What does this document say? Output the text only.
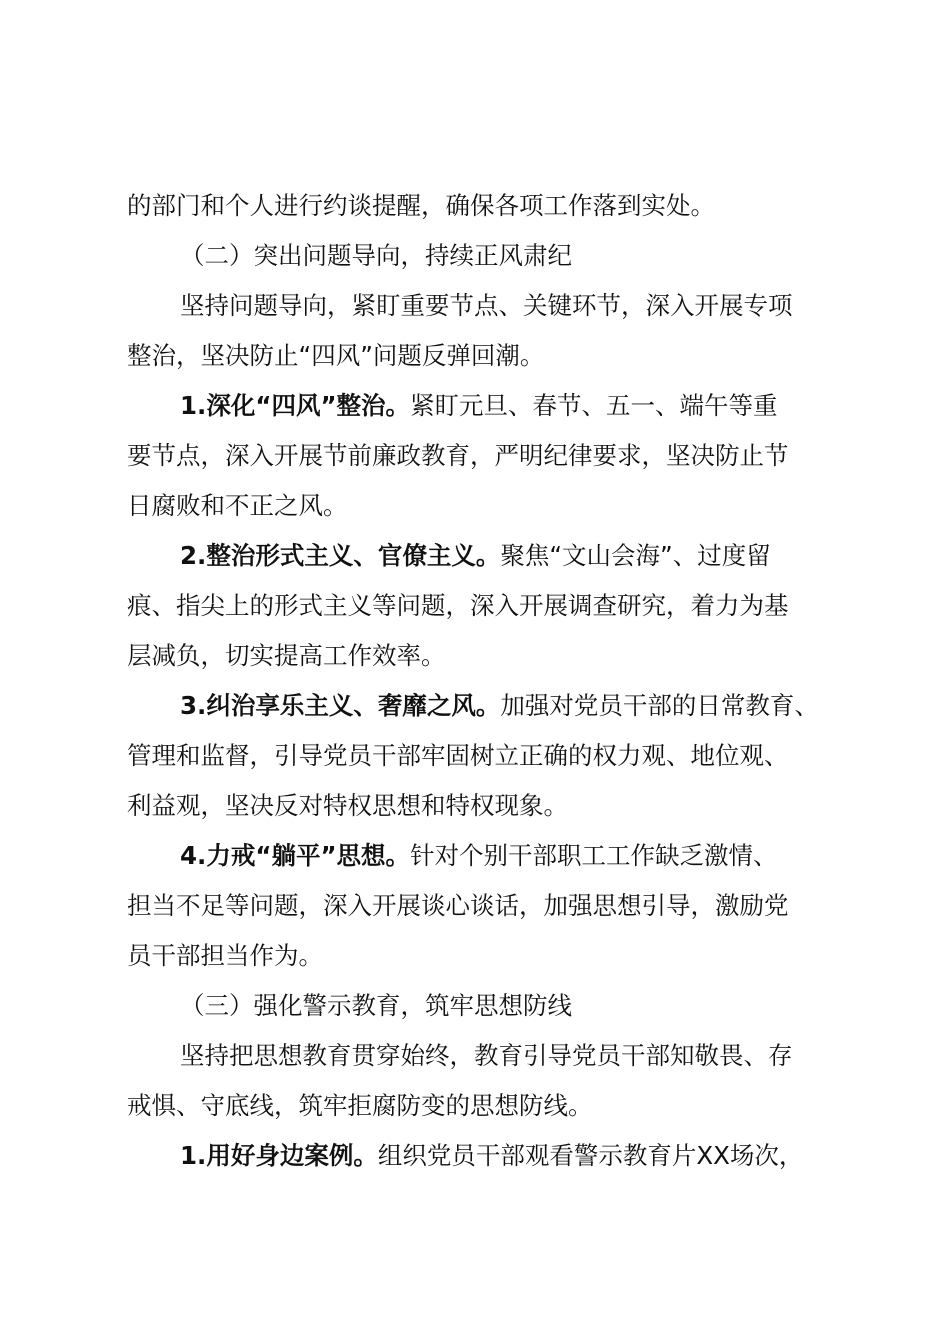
的部门和个人进行约谈提醒，确保各项工作落到实处。
（二）突出问题导向，持续正风肃纪
坚持问题导向，紧盯重要节点、关键环节，深入开展专项
整治，坚决防止“四风”问题反弹回潮。
1.深化“四风”整治。紧盯元旦、春节、五一、端午等重
要节点，深入开展节前廉政教育，严明纪律要求，坚决防止节
日腐败和不正之风。
2.整治形式主义、官僚主义。聚焦“文山会海”、过度留
痕、指尖上的形式主义等问题，深入开展调查研究，着力为基
层减负，切实提高工作效率。
3.纠治享乐主义、奢靡之风。加强对党员干部的日常教育、
管理和监督，引导党员干部牢固树立正确的权力观、地位观、
利益观，坚决反对特权思想和特权现象。
4.力戒“躺平”思想。针对个别干部职工工作缺乏激情、
担当不足等问题，深入开展谈心谈话，加强思想引导，激励党
员干部担当作为。
（三）强化警示教育，筑牢思想防线
坚持把思想教育贯穿始终，教育引导党员干部知敬畏、存
戒惧、守底线，筑牢拒腐防变的思想防线。
1.用好身边案例。组织党员干部观看警示教育片XX场次，
